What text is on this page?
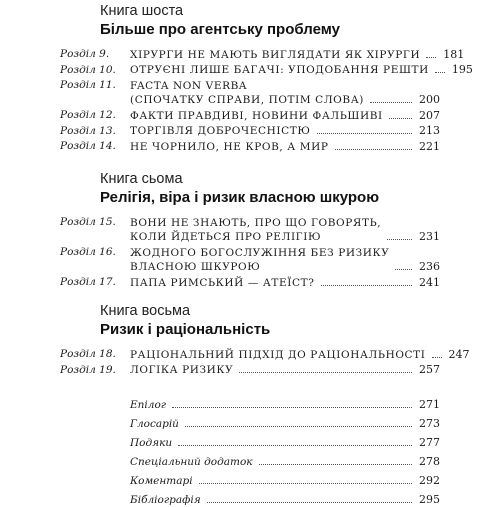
Книга шоста
Більше про агентську проблему
Розділ 9.	ХІРУРГИ НЕ МАЮТЬ ВИГЛЯДАТИ ЯК ХІРУРГИ 181
Розділ 10.	ОТРУЄНІ ЛИШЕ БАГАЧІ: УПОДОБАННЯ РЕШТИ 195
Розділ 11.	FACTA NON VERBA
(СПОЧАТКУ СПРАВИ, ПОТІМ СЛОВА)	200
Розділ 12.	ФАКТИ ПРАВДИВІ, НОВИНИ ФАЛЬШИВІ	207
Розділ 13.	ТОРГІВЛЯ ДОБРОЧЕСНІСТЮ	213
Розділ 14.	НЕ ЧОРНИЛО, НЕ КРОВ, А МИР	221
Книга сьома
Релігія, віра і ризик власною шкурою
Розділ 15.	ВОНИ НЕ ЗНАЮТЬ, ПРО ЩО ГОВОРЯТЬ,
КОЛИ ЙДЕТЬСЯ ПРО РЕЛІГІЮ	231
Розділ 16.	ЖОДНОГО БОГОСЛУЖІННЯ БЕЗ РИЗИКУ
ВЛАСНОЮ ШКУРОЮ	236
Розділ 17.	ПАПА РИМСЬКИЙ — АТЕЇСТ?	241
Книга восьма
Ризик і раціональність
Розділ 18.	РАЦІОНАЛЬНИЙ ПІДХІД ДО РАЦІОНАЛЬНОСТІ 247
Розділ 19.	ЛОГІКА РИЗИКУ	257
Епілог	271
Глосарій	273
Подяки	277
Спеціальний додаток	278
Коментарі	292
Бібліографія	295
